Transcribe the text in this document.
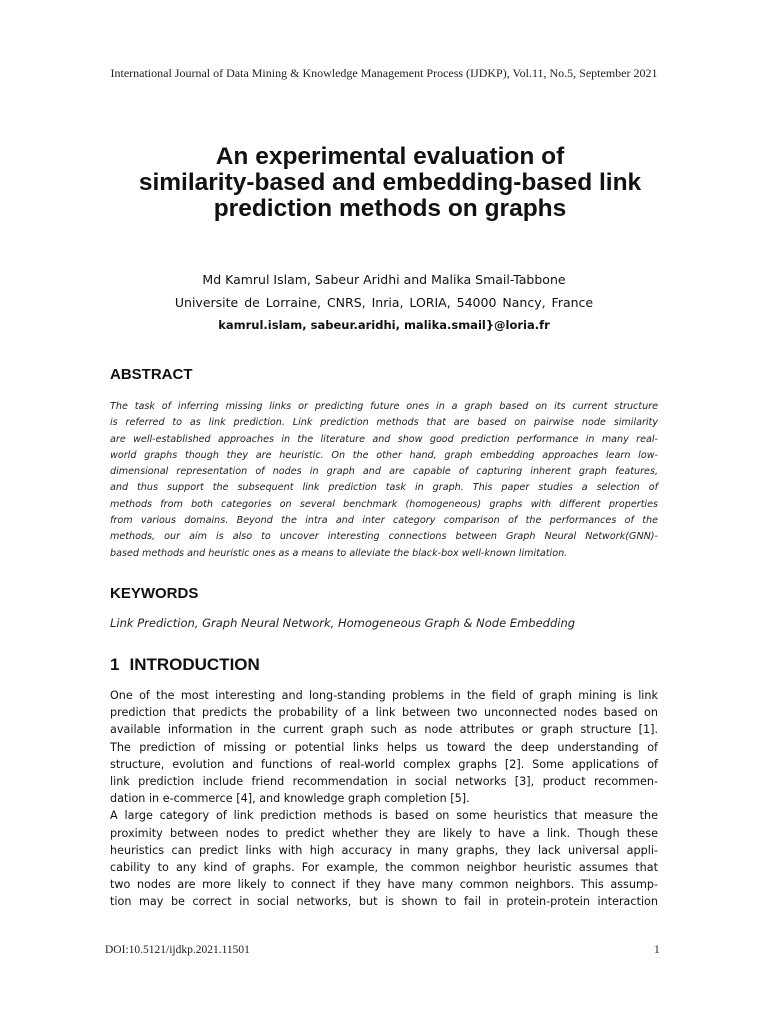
International Journal of Data Mining & Knowledge Management Process (IJDKP), Vol.11, No.5, September 2021
An experimental evaluation of
similarity-based and embedding-based link
prediction methods on graphs
Md Kamrul Islam, Sabeur Aridhi and Malika Smail-Tabbone
Universite de Lorraine, CNRS, Inria, LORIA, 54000 Nancy, France
kamrul.islam, sabeur.aridhi, malika.smail}@loria.fr
ABSTRACT
The task of inferring missing links or predicting future ones in a graph based on its current structure
is referred to as link prediction. Link prediction methods that are based on pairwise node similarity
are well-established approaches in the literature and show good prediction performance in many real-
world graphs though they are heuristic. On the other hand, graph embedding approaches learn low-
dimensional representation of nodes in graph and are capable of capturing inherent graph features,
and thus support the subsequent link prediction task in graph. This paper studies a selection of
methods from both categories on several benchmark (homogeneous) graphs with different properties
from various domains. Beyond the intra and inter category comparison of the performances of the
methods, our aim is also to uncover interesting connections between Graph Neural Network(GNN)-
based methods and heuristic ones as a means to alleviate the black-box well-known limitation.
KEYWORDS
Link Prediction, Graph Neural Network, Homogeneous Graph & Node Embedding
1 INTRODUCTION
One of the most interesting and long-standing problems in the field of graph mining is link
prediction that predicts the probability of a link between two unconnected nodes based on
available information in the current graph such as node attributes or graph structure [1].
The prediction of missing or potential links helps us toward the deep understanding of
structure, evolution and functions of real-world complex graphs [2]. Some applications of
link prediction include friend recommendation in social networks [3], product recommen-
dation in e-commerce [4], and knowledge graph completion [5].
A large category of link prediction methods is based on some heuristics that measure the
proximity between nodes to predict whether they are likely to have a link. Though these
heuristics can predict links with high accuracy in many graphs, they lack universal appli-
cability to any kind of graphs. For example, the common neighbor heuristic assumes that
two nodes are more likely to connect if they have many common neighbors. This assump-
tion may be correct in social networks, but is shown to fail in protein-protein interaction
DOI:10.5121/ijdkp.2021.11501	1
